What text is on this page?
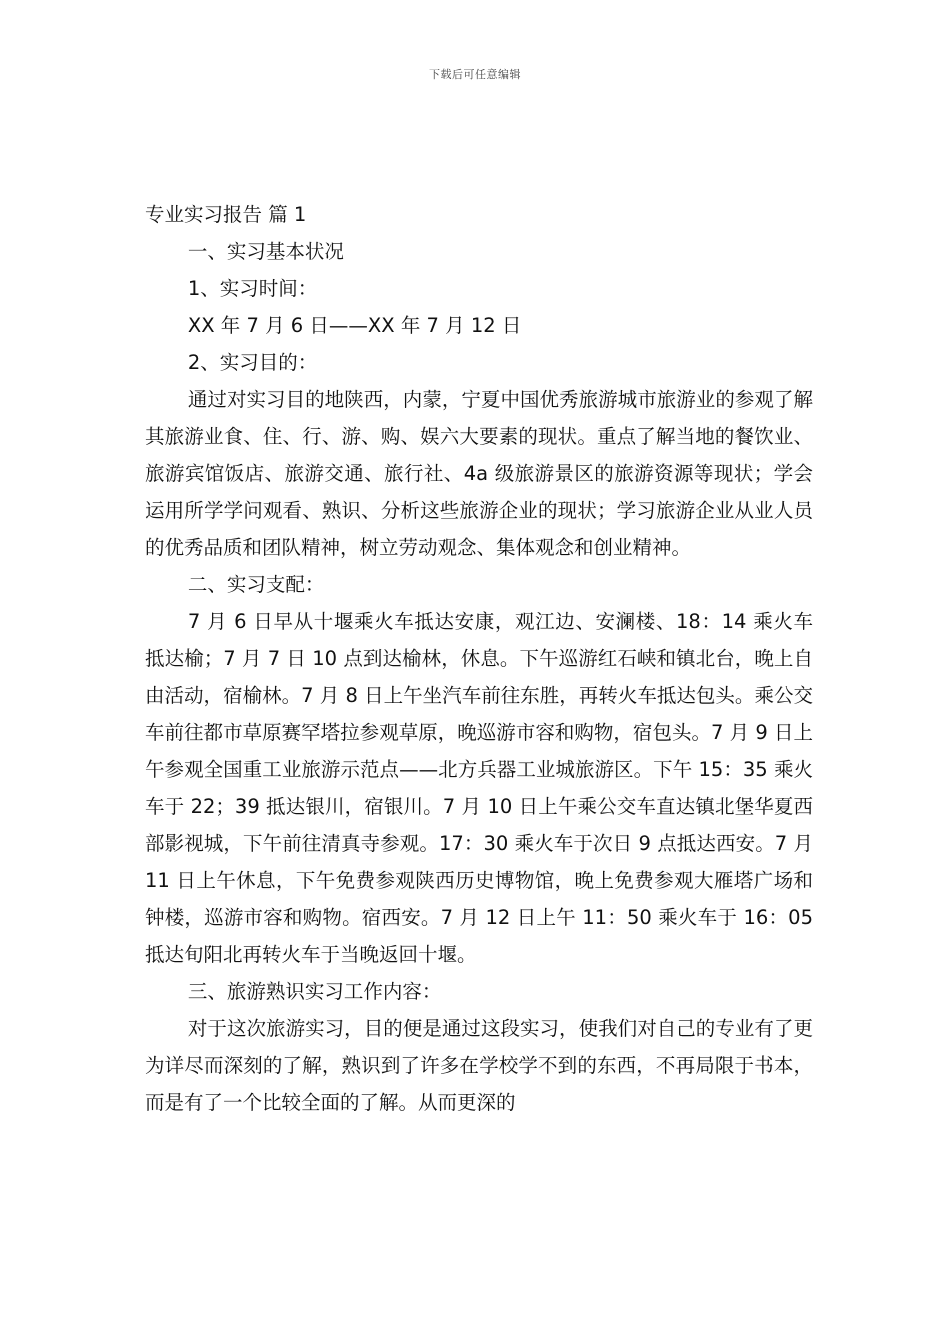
下载后可任意编辑

专业实习报告 篇 1

一、实习基本状况

1、实习时间：

XX 年 7 月 6 日——XX 年 7 月 12 日

2、实习目的：

通过对实习目的地陕西，内蒙，宁夏中国优秀旅游城市旅游业的参观了解其旅游业食、住、行、游、购、娱六大要素的现状。重点了解当地的餐饮业、旅游宾馆饭店、旅游交通、旅行社、4a 级旅游景区的旅游资源等现状；学会运用所学学问观看、熟识、分析这些旅游企业的现状；学习旅游企业从业人员的优秀品质和团队精神，树立劳动观念、集体观念和创业精神。

二、实习支配：

7 月 6 日早从十堰乘火车抵达安康，观江边、安澜楼、18：14 乘火车抵达榆；7 月 7 日 10 点到达榆林，休息。下午巡游红石峡和镇北台，晚上自由活动，宿榆林。7 月 8 日上午坐汽车前往东胜，再转火车抵达包头。乘公交车前往都市草原赛罕塔拉参观草原，晚巡游市容和购物，宿包头。7 月 9 日上午参观全国重工业旅游示范点——北方兵器工业城旅游区。下午 15：35 乘火车于 22；39 抵达银川，宿银川。7 月 10 日上午乘公交车直达镇北堡华夏西部影视城，下午前往清真寺参观。17：30 乘火车于次日 9 点抵达西安。7 月 11 日上午休息，下午免费参观陕西历史博物馆，晚上免费参观大雁塔广场和钟楼，巡游市容和购物。宿西安。7 月 12 日上午 11：50 乘火车于 16：05 抵达旬阳北再转火车于当晚返回十堰。

三、旅游熟识实习工作内容：

对于这次旅游实习，目的便是通过这段实习，使我们对自己的专业有了更为详尽而深刻的了解，熟识到了许多在学校学不到的东西，不再局限于书本，而是有了一个比较全面的了解。从而更深的
